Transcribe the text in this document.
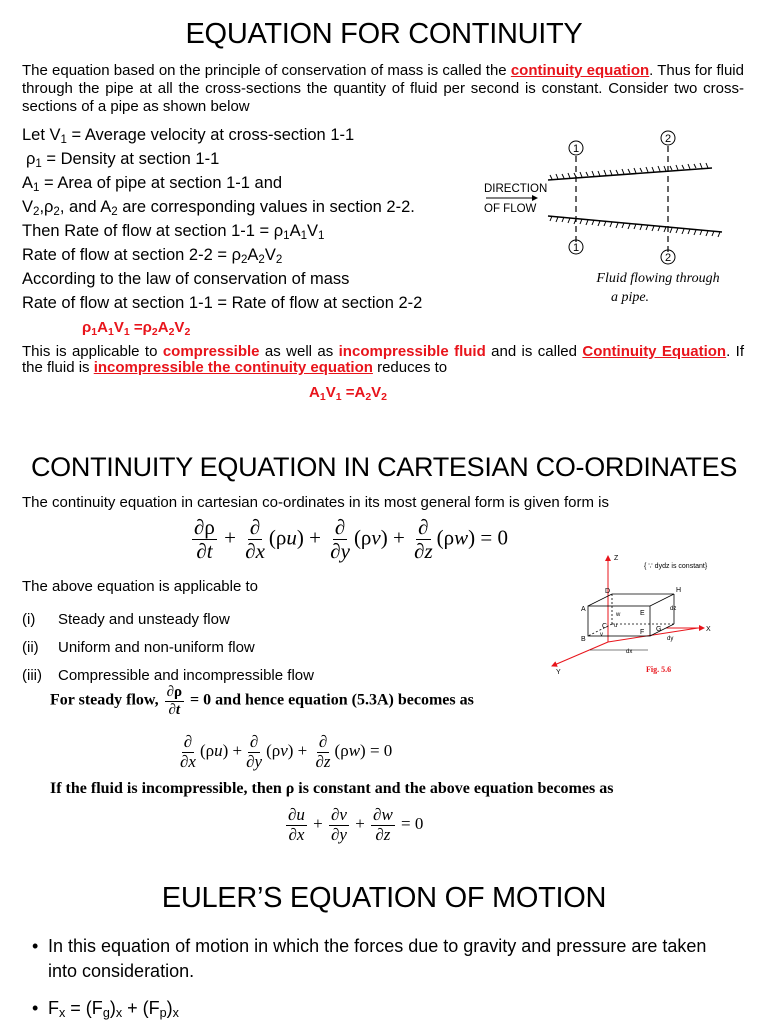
EQUATION FOR CONTINUITY
The equation based on the principle of conservation of mass is called the continuity equation. Thus for fluid through the pipe at all the cross-sections the quantity of fluid per second is constant. Consider two cross-sections of a pipe as shown below
Let $V_1$ = Average velocity at cross-section 1-1
$\rho_1$ = Density at section 1-1
$A_1$ = Area of pipe at section 1-1 and
$V_2,\rho_2$, and $A_2$ are corresponding values in section 2-2.
Then Rate of flow at section $1-1 = \rho_1A_1V_1$
Rate of flow at section $2-2 = \rho_2A_2V_2$
According to the law of conservation of mass
Rate of flow at section 1-1 = Rate of flow at section 2-2
$\rho_1A_1V_1 =\rho_2A_2V_2$
This is applicable to compressible as well as incompressible fluid and is called Continuity Equation. If the fluid is incompressible the continuity equation reduces to
$A_1V_1 =A_2V_2$
1
1
2
2
DIRECTION
OF FLOW
Fluid flowing through
a pipe.
CONTINUITY EQUATION IN CARTESIAN CO-ORDINATES
The continuity equation in cartesian co-ordinates in its most general form is given form is
$\frac{\partial\rho}{\partial t} + \frac{\partial}{\partial x} (\rho u) + \frac{\partial}{\partial y} (\rho v) + \frac{\partial}{\partial z} (\rho w) = 0$
The above equation is applicable to
(i) Steady and unsteady flow
(ii) Uniform and non-uniform flow
(iii) Compressible and incompressible flow
Z
X
Y
{ ∵ dydz is constant}
A
B
C
D
E
F G
H
dz
dy
dx
w
u
v
Fig. 5.6
For steady flow, $\frac{\partial\rho}{\partial t} = 0$ and hence equation (5.3A) becomes as
$\frac{\partial}{\partial x} (\rho u) + \frac{\partial}{\partial y} (\rho v) + \frac{\partial}{\partial z} (\rho w) = 0$
If the fluid is incompressible, then ρ is constant and the above equation becomes as
$\frac{\partial u}{\partial x} + \frac{\partial v}{\partial y} + \frac{\partial w}{\partial z} = 0$
EULER’S EQUATION OF MOTION
• In this equation of motion in which the forces due to gravity and pressure are taken into consideration.
• $F_x = (F_g)_x + (F_p)_x$
